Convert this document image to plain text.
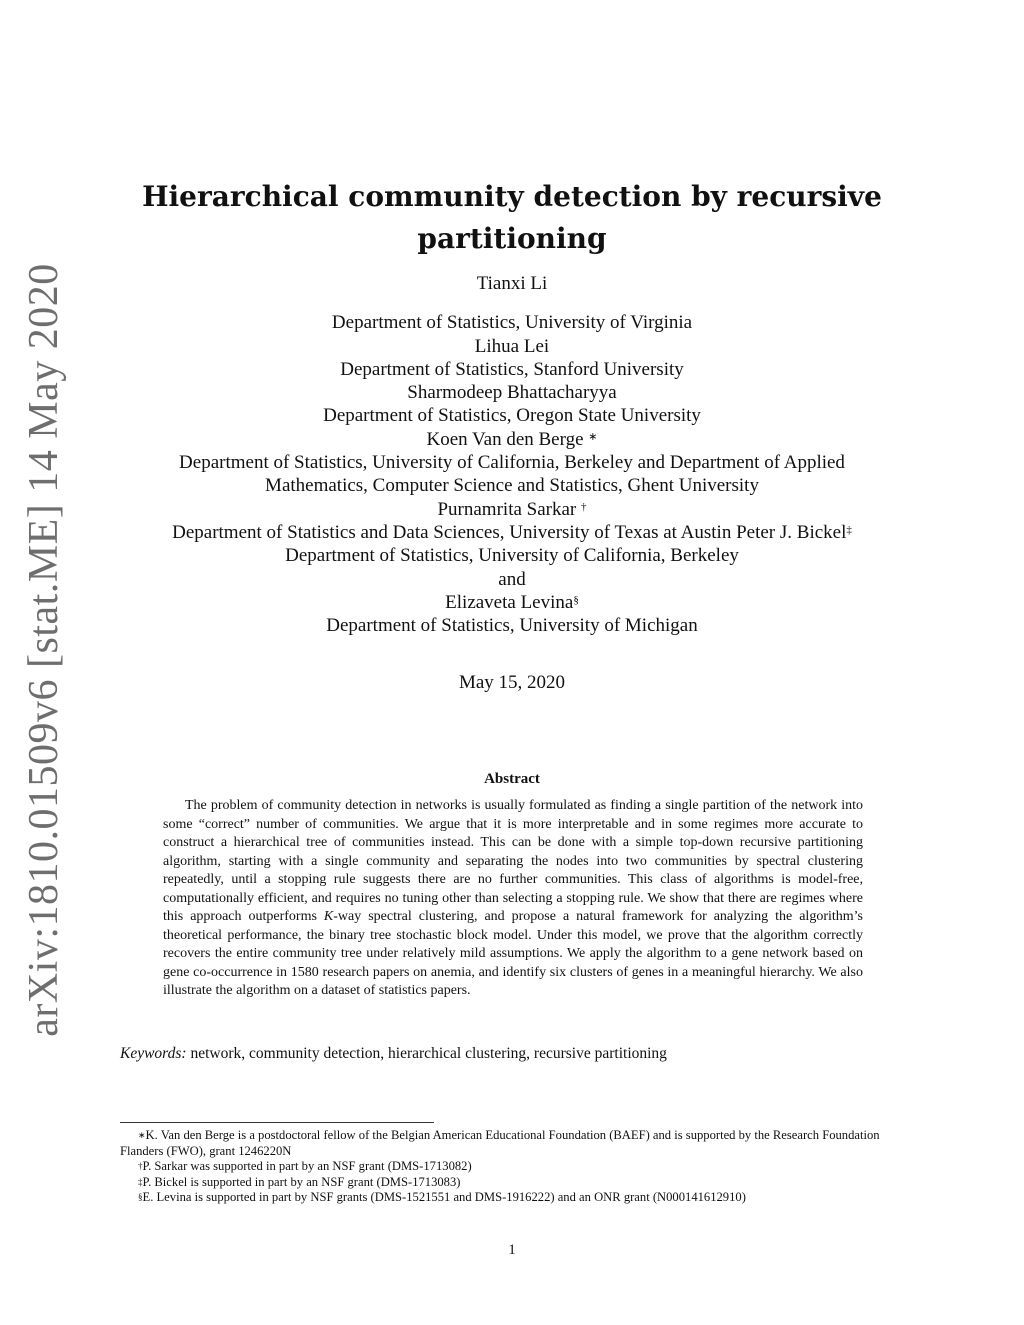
arXiv:1810.01509v6 [stat.ME] 14 May 2020
Hierarchical community detection by recursive partitioning
Tianxi Li
Department of Statistics, University of Virginia
Lihua Lei
Department of Statistics, Stanford University
Sharmodeep Bhattacharyya
Department of Statistics, Oregon State University
Koen Van den Berge ∗
Department of Statistics, University of California, Berkeley and Department of Applied
Mathematics, Computer Science and Statistics, Ghent University
Purnamrita Sarkar †
Department of Statistics and Data Sciences, University of Texas at Austin Peter J. Bickel‡
Department of Statistics, University of California, Berkeley
and
Elizaveta Levina§
Department of Statistics, University of Michigan
May 15, 2020
Abstract

The problem of community detection in networks is usually formulated as finding a single partition of the network into some “correct” number of communities. We argue that it is more interpretable and in some regimes more accurate to construct a hierarchical tree of communities instead. This can be done with a simple top-down recursive partitioning algorithm, starting with a single community and separating the nodes into two communities by spectral clustering repeatedly, until a stopping rule suggests there are no further communities. This class of algorithms is model-free, computationally efficient, and requires no tuning other than selecting a stopping rule. We show that there are regimes where this approach outperforms K-way spectral clustering, and propose a natural framework for analyzing the algorithm’s theoretical performance, the binary tree stochastic block model. Under this model, we prove that the algorithm correctly recovers the entire community tree under relatively mild assumptions. We apply the algorithm to a gene network based on gene co-occurrence in 1580 research papers on anemia, and identify six clusters of genes in a meaningful hierarchy. We also illustrate the algorithm on a dataset of statistics papers.

Keywords: network, community detection, hierarchical clustering, recursive partitioning

∗K. Van den Berge is a postdoctoral fellow of the Belgian American Educational Foundation (BAEF) and is supported by the Research Foundation Flanders (FWO), grant 1246220N

†P. Sarkar was supported in part by an NSF grant (DMS-1713082)

‡P. Bickel is supported in part by an NSF grant (DMS-1713083)

§E. Levina is supported in part by NSF grants (DMS-1521551 and DMS-1916222) and an ONR grant (N000141612910)

1
